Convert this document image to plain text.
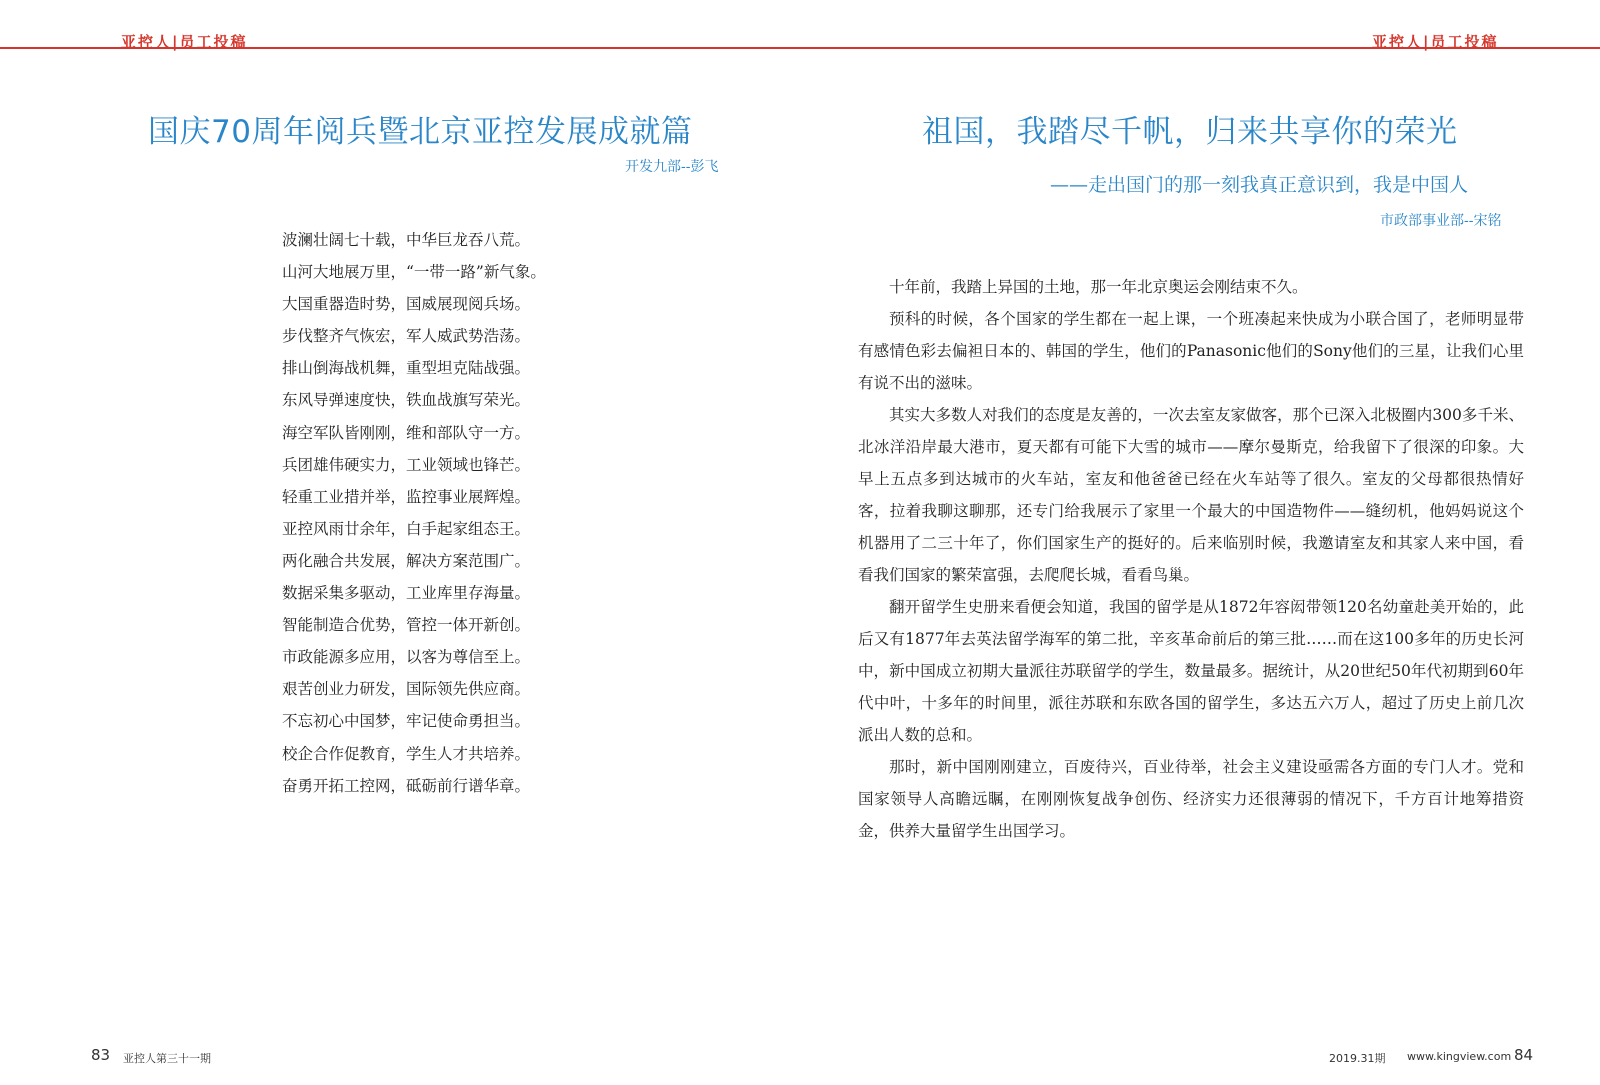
亚控人|员工投稿	亚控人|员工投稿
国庆70周年阅兵暨北京亚控发展成就篇
开发九部--彭飞
波澜壮阔七十载，中华巨龙吞八荒。
山河大地展万里，“一带一路”新气象。
大国重器造时势，国威展现阅兵场。
步伐整齐气恢宏，军人威武势浩荡。
排山倒海战机舞，重型坦克陆战强。
东风导弹速度快，铁血战旗写荣光。
海空军队皆刚刚，维和部队守一方。
兵团雄伟硬实力，工业领域也锋芒。
轻重工业措并举，监控事业展辉煌。
亚控风雨廿余年，白手起家组态王。
两化融合共发展，解决方案范围广。
数据采集多驱动，工业库里存海量。
智能制造合优势，管控一体开新创。
市政能源多应用，以客为尊信至上。
艰苦创业力研发，国际领先供应商。
不忘初心中国梦，牢记使命勇担当。
校企合作促教育，学生人才共培养。
奋勇开拓工控网，砥砺前行谱华章。
祖国，我踏尽千帆，归来共享你的荣光
——走出国门的那一刻我真正意识到，我是中国人
市政部事业部--宋铭

十年前，我踏上异国的土地，那一年北京奥运会刚结束不久。

预科的时候，各个国家的学生都在一起上课，一个班凑起来快成为小联合国了，老师明显带有感情色彩去偏袒日本的、韩国的学生，他们的Panasonic他们的Sony他们的三星，让我们心里有说不出的滋味。

其实大多数人对我们的态度是友善的，一次去室友家做客，那个已深入北极圈内300多千米、北冰洋沿岸最大港市，夏天都有可能下大雪的城市——摩尔曼斯克，给我留下了很深的印象。大早上五点多到达城市的火车站，室友和他爸爸已经在火车站等了很久。室友的父母都很热情好客，拉着我聊这聊那，还专门给我展示了家里一个最大的中国造物件——缝纫机，他妈妈说这个机器用了二三十年了，你们国家生产的挺好的。后来临别时候，我邀请室友和其家人来中国，看看我们国家的繁荣富强，去爬爬长城，看看鸟巢。

翻开留学生史册来看便会知道，我国的留学是从1872年容闳带领120名幼童赴美开始的，此后又有1877年去英法留学海军的第二批，辛亥革命前后的第三批……而在这100多年的历史长河中，新中国成立初期大量派往苏联留学的学生，数量最多。据统计，从20世纪50年代初期到60年代中叶，十多年的时间里，派往苏联和东欧各国的留学生，多达五六万人，超过了历史上前几次派出人数的总和。

那时，新中国刚刚建立，百废待兴，百业待举，社会主义建设亟需各方面的专门人才。党和国家领导人高瞻远瞩，在刚刚恢复战争创伤、经济实力还很薄弱的情况下，千方百计地筹措资金，供养大量留学生出国学习。

83 亚控人第三十一期	2019.31期 www.kingview.com 84
